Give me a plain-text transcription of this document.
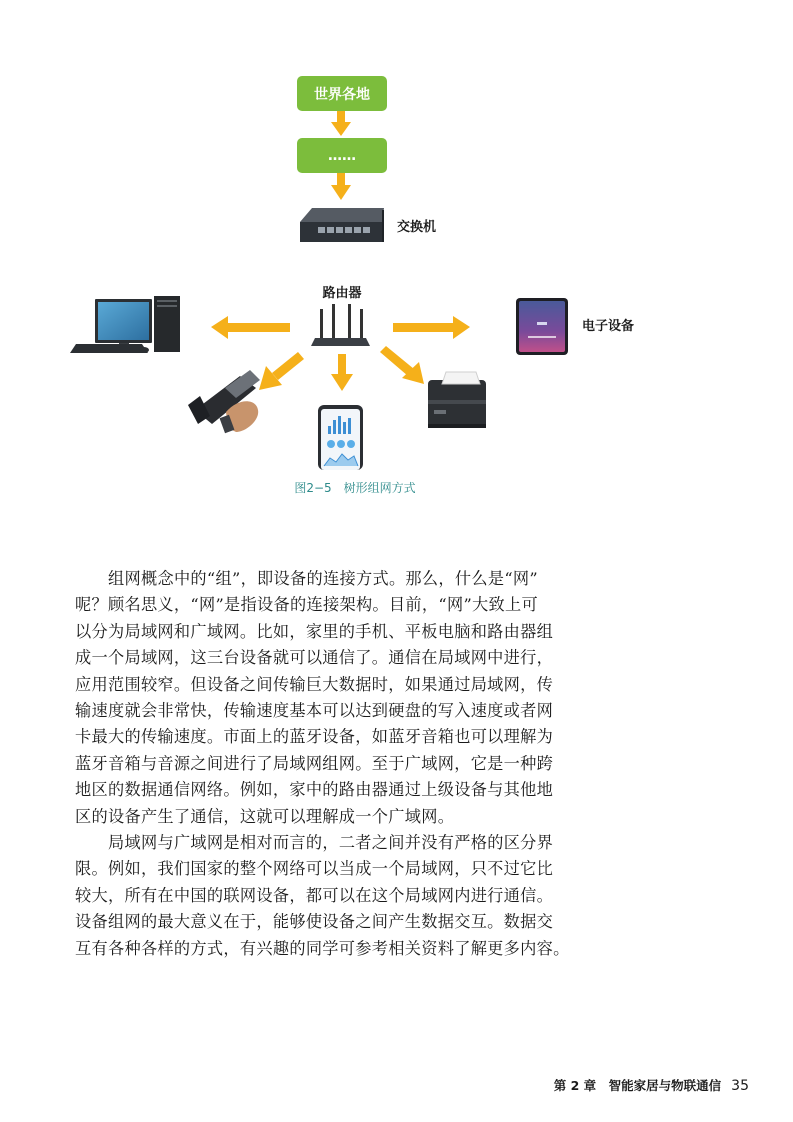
世界各地
……
交换机
路由器
电子设备
图2−5　树形组网方式

组网概念中的“组”，即设备的连接方式。那么，什么是“网”
呢？顾名思义，“网”是指设备的连接架构。目前，“网”大致上可
以分为局域网和广域网。比如，家里的手机、平板电脑和路由器组
成一个局域网，这三台设备就可以通信了。通信在局域网中进行，
应用范围较窄。但设备之间传输巨大数据时，如果通过局域网，传
输速度就会非常快，传输速度基本可以达到硬盘的写入速度或者网
卡最大的传输速度。市面上的蓝牙设备，如蓝牙音箱也可以理解为
蓝牙音箱与音源之间进行了局域网组网。至于广域网，它是一种跨
地区的数据通信网络。例如，家中的路由器通过上级设备与其他地
区的设备产生了通信，这就可以理解成一个广域网。

局域网与广域网是相对而言的，二者之间并没有严格的区分界
限。例如，我们国家的整个网络可以当成一个局域网，只不过它比
较大，所有在中国的联网设备，都可以在这个局域网内进行通信。
设备组网的最大意义在于，能够使设备之间产生数据交互。数据交
互有各种各样的方式，有兴趣的同学可参考相关资料了解更多内容。

第 2 章　智能家居与物联通信 35
